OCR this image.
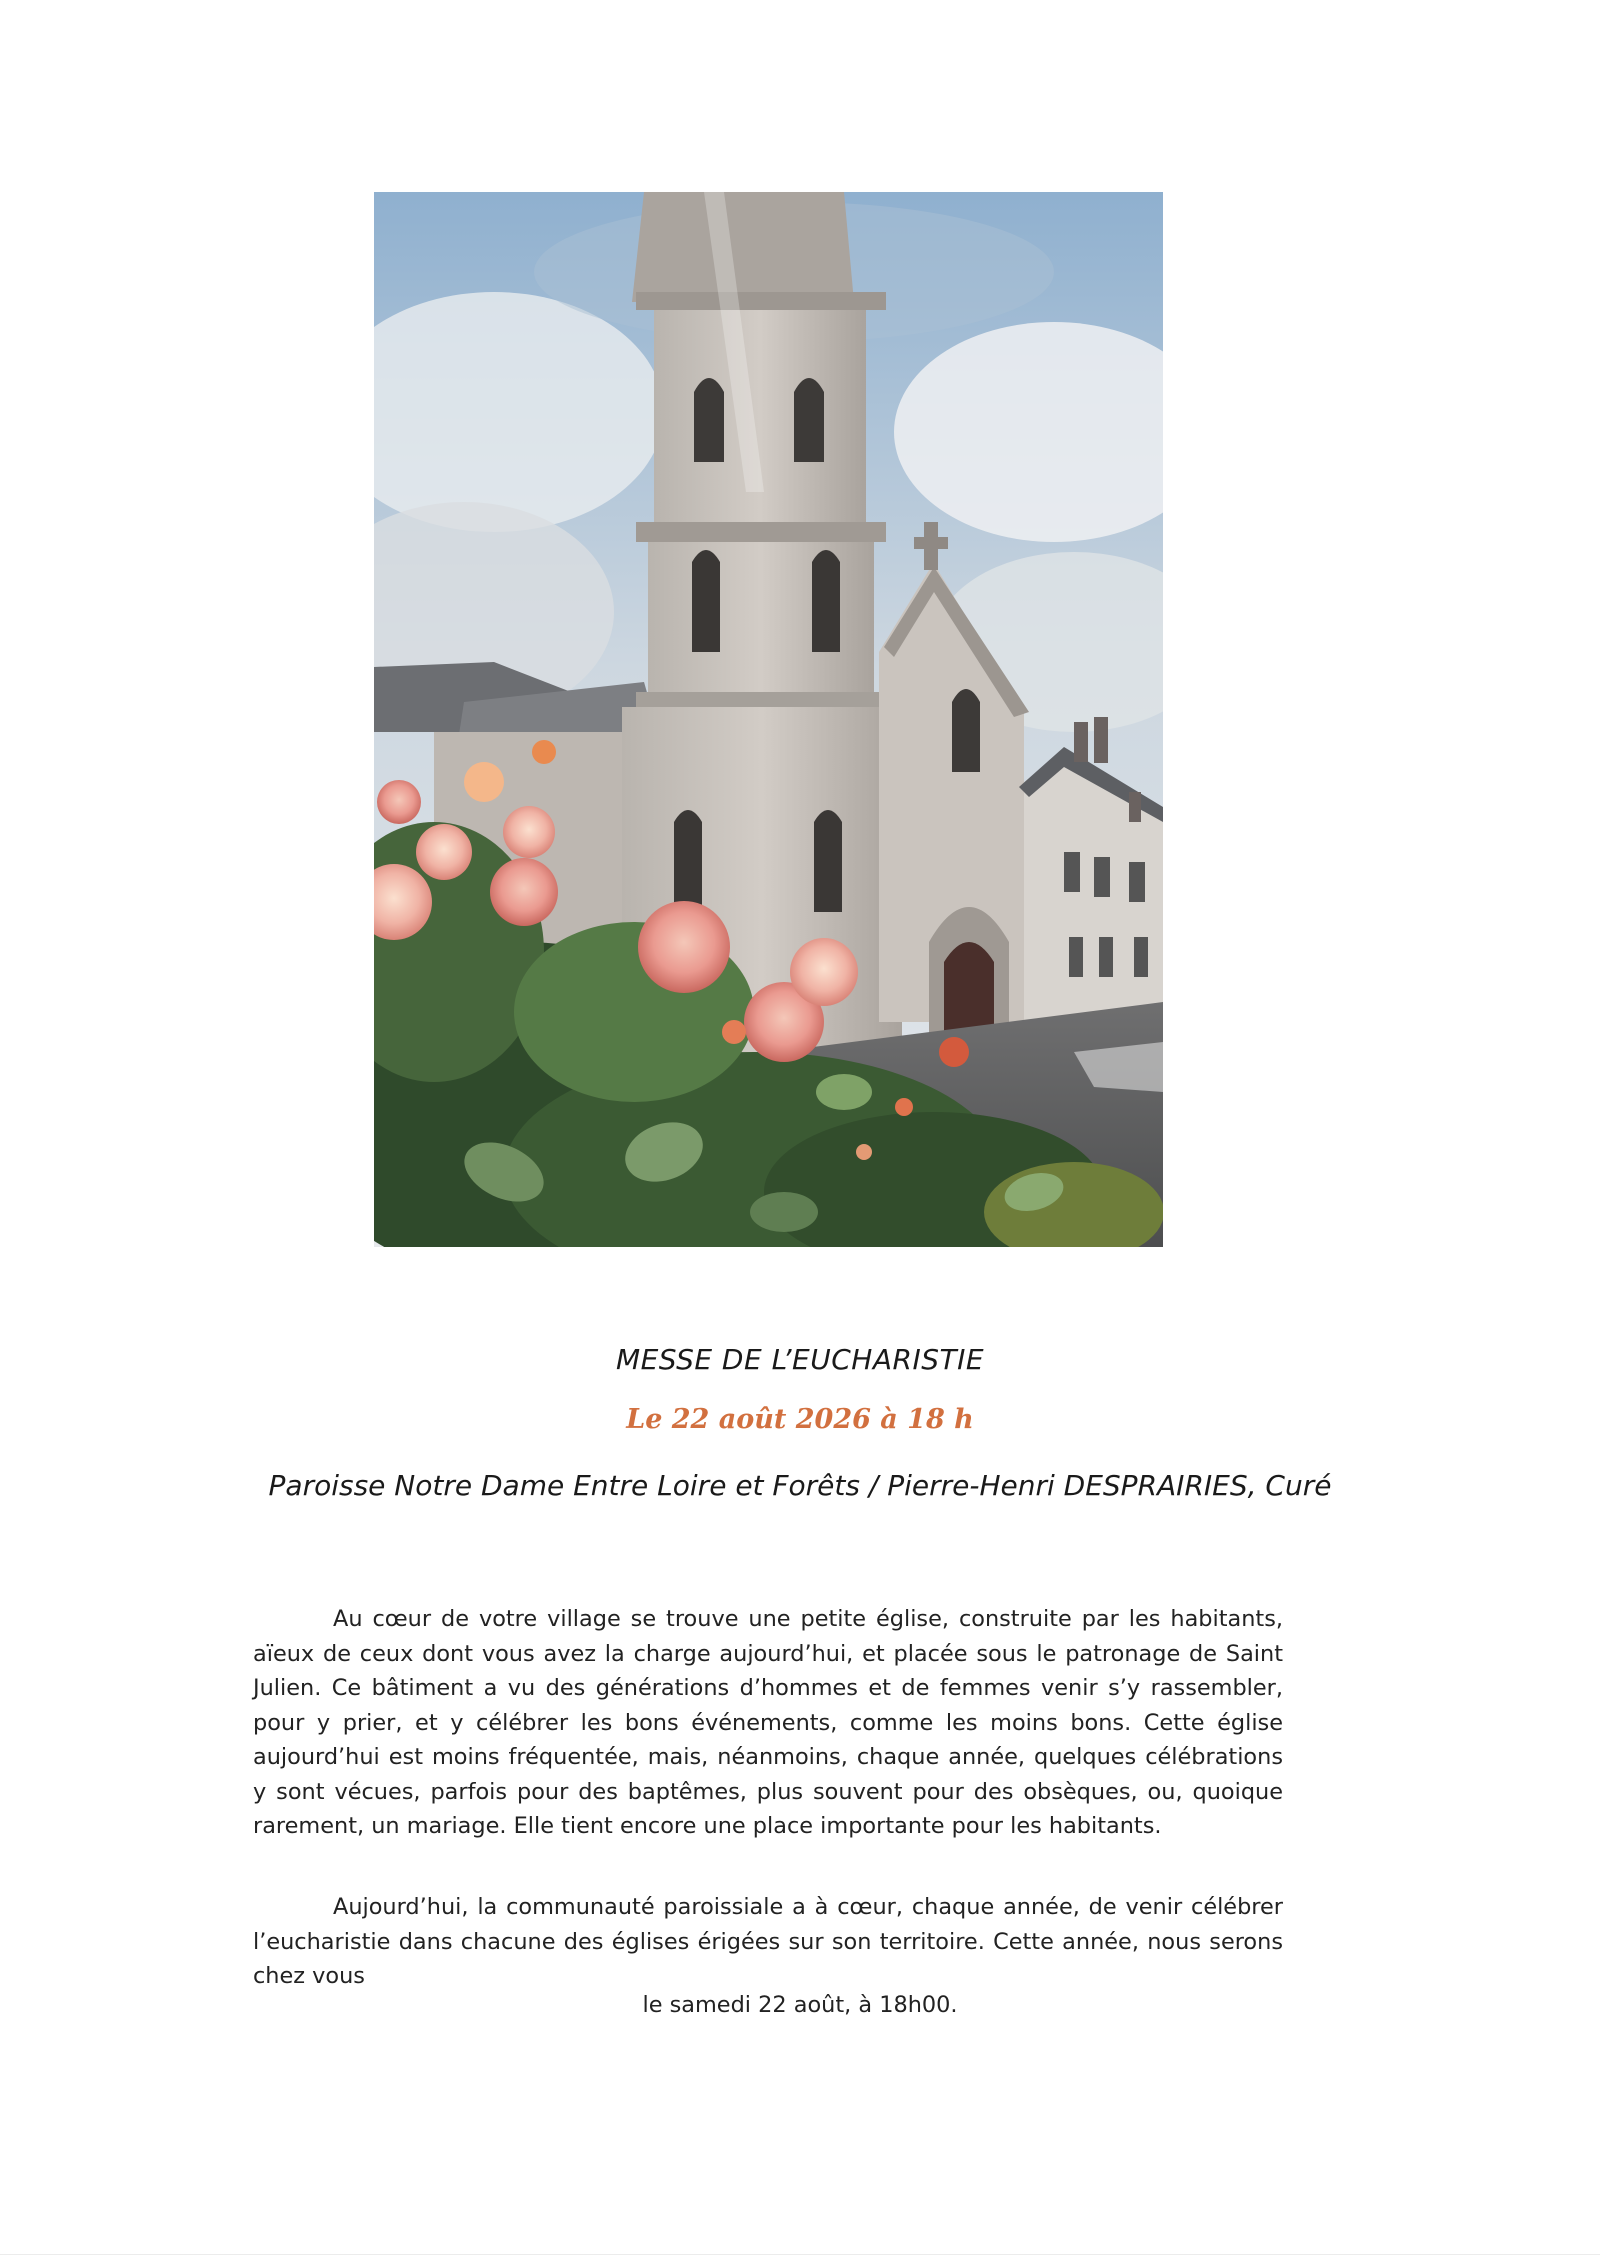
MESSE DE L’EUCHARISTIE
Le 22 août 2026 à 18 h
Paroisse Notre Dame Entre Loire et Forêts / Pierre-Henri DESPRAIRIES, Curé

Au cœur de votre village se trouve une petite église, construite par les habitants, aïeux de ceux dont vous avez la charge aujourd’hui, et placée sous le patronage de Saint Julien. Ce bâtiment a vu des générations d’hommes et de femmes venir s’y rassembler, pour y prier, et y célébrer les bons événements, comme les moins bons. Cette église aujourd’hui est moins fréquentée, mais, néanmoins, chaque année, quelques célébrations y sont vécues, parfois pour des baptêmes, plus souvent pour des obsèques, ou, quoique rarement, un mariage. Elle tient encore une place importante pour les habitants.

Aujourd’hui, la communauté paroissiale a à cœur, chaque année, de venir célébrer l’eucharistie dans chacune des églises érigées sur son territoire. Cette année, nous serons chez vous

le samedi 22 août, à 18h00.
